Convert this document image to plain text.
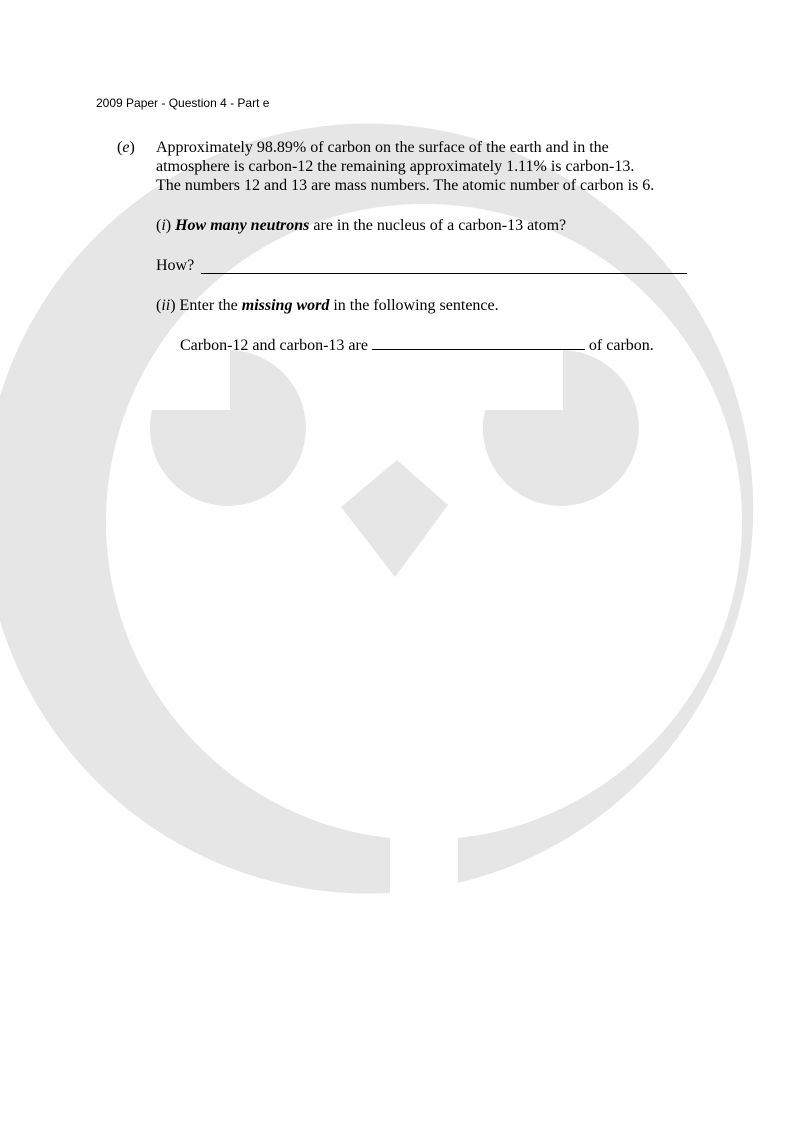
2009 Paper - Question 4 - Part e
(e) Approximately 98.89% of carbon on the surface of the earth and in the
atmosphere is carbon-12 the remaining approximately 1.11% is carbon-13.
The numbers 12 and 13 are mass numbers. The atomic number of carbon is 6.
(i) How many neutrons are in the nucleus of a carbon-13 atom?
How?
(ii) Enter the missing word in the following sentence.
Carbon-12 and carbon-13 are	of carbon.
